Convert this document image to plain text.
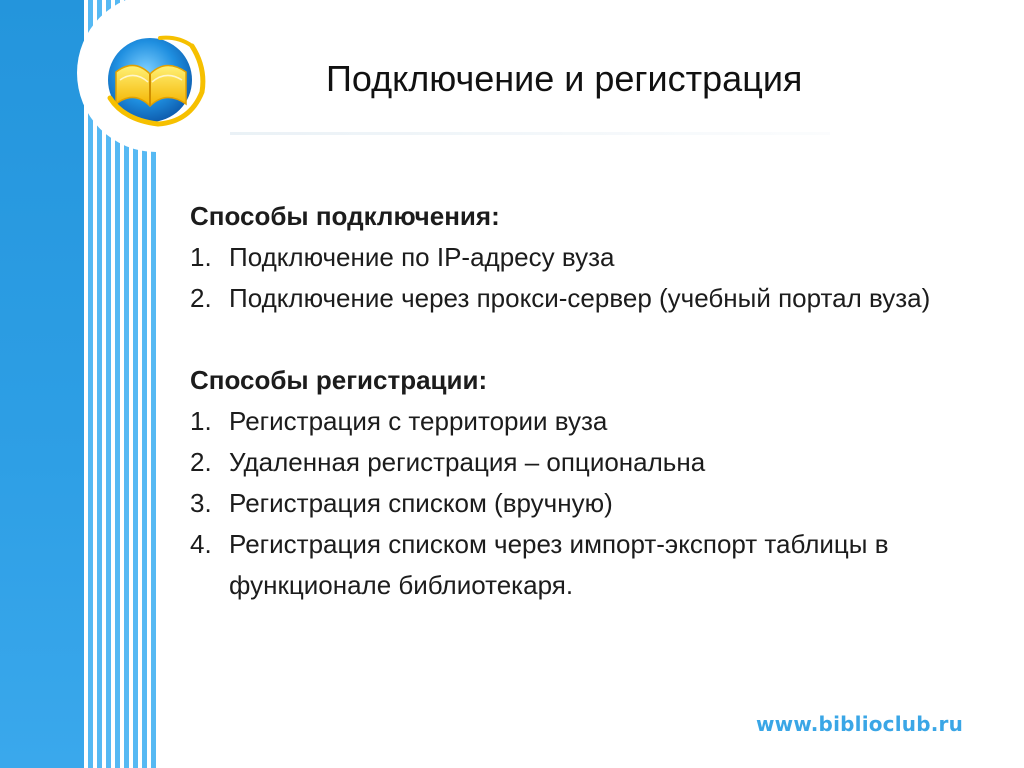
Подключение и регистрация

Способы подключения:

1. Подключение по IP-адресу вуза
2. Подключение через прокси-сервер (учебный портал вуза)

Способы регистрации:

1. Регистрация с территории вуза
2. Удаленная регистрация – опциональна
3. Регистрация списком (вручную)
4. Регистрация списком через импорт-экспорт таблицы в функционале библиотекаря.
www.biblioclub.ru
